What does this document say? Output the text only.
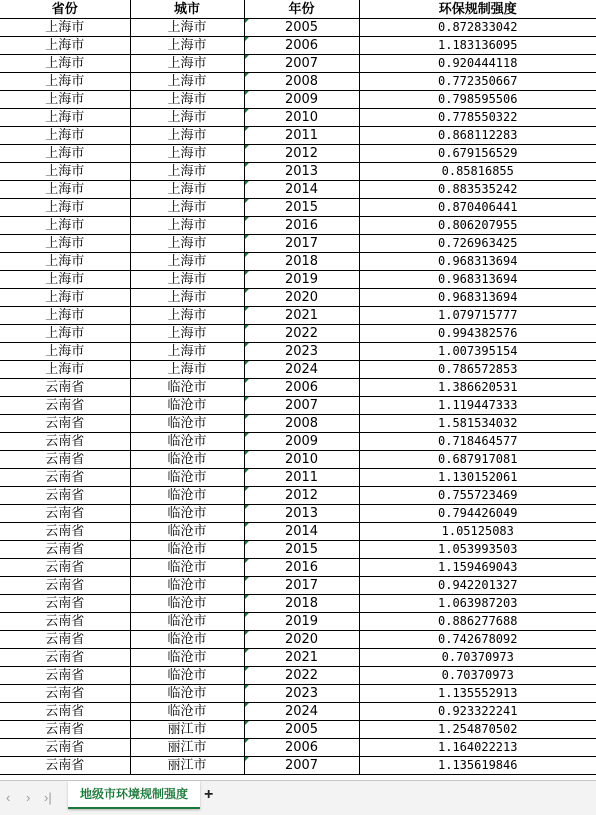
省份	城市	年份	环保规制强度
上海市	上海市	2005	0.872833042
上海市	上海市	2006	1.183136095
上海市	上海市	2007	0.920444118
上海市	上海市	2008	0.772350667
上海市	上海市	2009	0.798595506
上海市	上海市	2010	0.778550322
上海市	上海市	2011	0.868112283
上海市	上海市	2012	0.679156529
上海市	上海市	2013	0.85816855
上海市	上海市	2014	0.883535242
上海市	上海市	2015	0.870406441
上海市	上海市	2016	0.806207955
上海市	上海市	2017	0.726963425
上海市	上海市	2018	0.968313694
上海市	上海市	2019	0.968313694
上海市	上海市	2020	0.968313694
上海市	上海市	2021	1.079715777
上海市	上海市	2022	0.994382576
上海市	上海市	2023	1.007395154
上海市	上海市	2024	0.786572853
云南省	临沧市	2006	1.386620531
云南省	临沧市	2007	1.119447333
云南省	临沧市	2008	1.581534032
云南省	临沧市	2009	0.718464577
云南省	临沧市	2010	0.687917081
云南省	临沧市	2011	1.130152061
云南省	临沧市	2012	0.755723469
云南省	临沧市	2013	0.794426049
云南省	临沧市	2014	1.05125083
云南省	临沧市	2015	1.053993503
云南省	临沧市	2016	1.159469043
云南省	临沧市	2017	0.942201327
云南省	临沧市	2018	1.063987203
云南省	临沧市	2019	0.886277688
云南省	临沧市	2020	0.742678092
云南省	临沧市	2021	0.70370973
云南省	临沧市	2022	0.70370973
云南省	临沧市	2023	1.135552913
云南省	临沧市	2024	0.923322241
云南省	丽江市	2005	1.254870502
云南省	丽江市	2006	1.164022213
云南省	丽江市	2007	1.135619846
‹ › ›|	地级市环境规制强度 +
